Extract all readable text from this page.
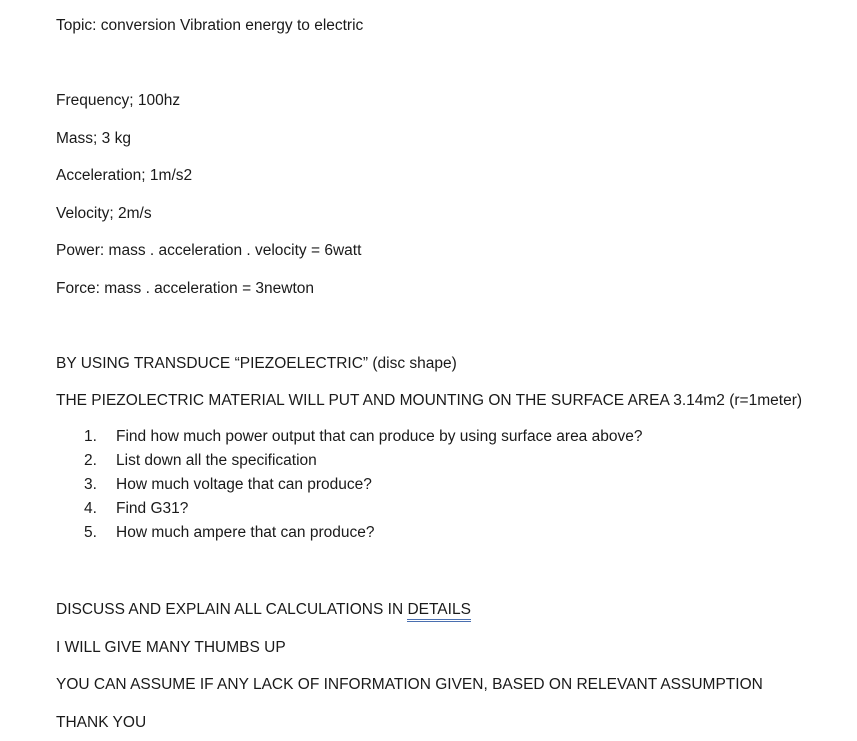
Topic: conversion Vibration energy to electric
Frequency; 100hz
Mass; 3 kg
Acceleration; 1m/s2
Velocity; 2m/s
Power: mass . acceleration . velocity = 6watt
Force: mass . acceleration = 3newton
BY USING TRANSDUCE “PIEZOELECTRIC” (disc shape)
THE PIEZOLECTRIC MATERIAL WILL PUT AND MOUNTING ON THE SURFACE AREA 3.14m2 (r=1meter)
1.	Find how much power output that can produce by using surface area above?
2.	List down all the specification
3.	How much voltage that can produce?
4.	Find G31?
5.	How much ampere that can produce?
DISCUSS AND EXPLAIN ALL CALCULATIONS IN DETAILS
I WILL GIVE MANY THUMBS UP
YOU CAN ASSUME IF ANY LACK OF INFORMATION GIVEN, BASED ON RELEVANT ASSUMPTION
THANK YOU
